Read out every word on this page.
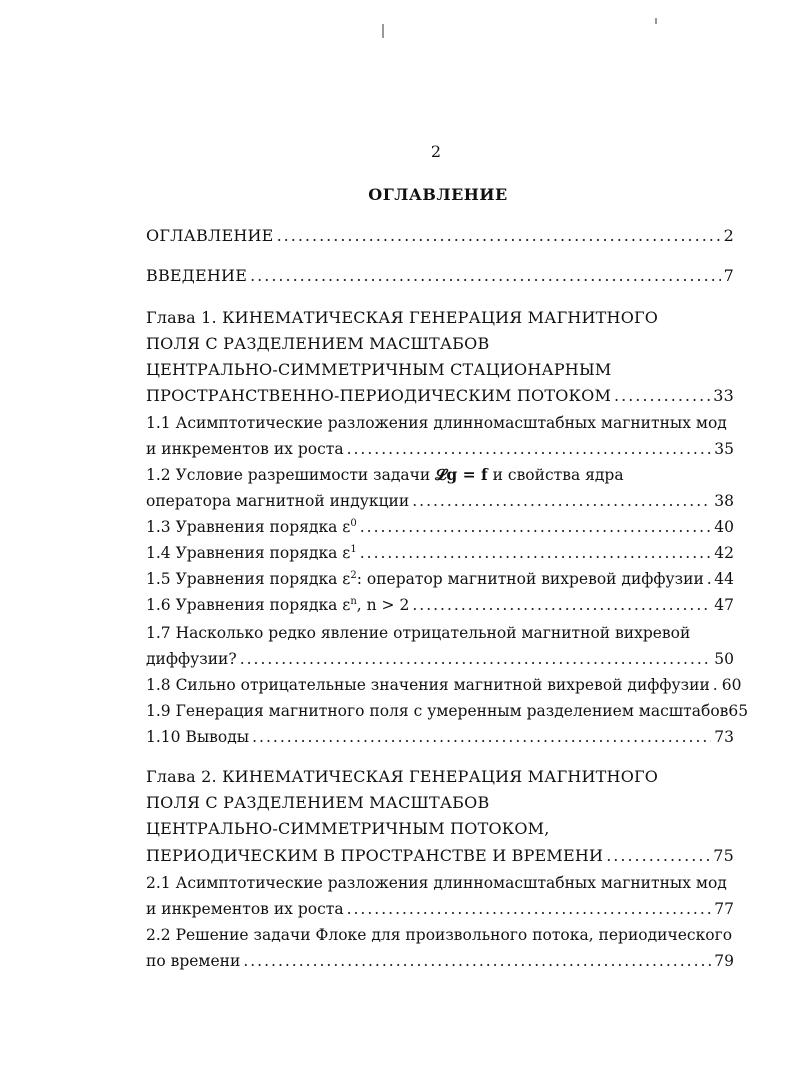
2
ОГЛАВЛЕНИЕ
ОГЛАВЛЕНИЕ .....	2
ВВЕДЕНИЕ .....	7
Глава 1. КИНЕМАТИЧЕСКАЯ ГЕНЕРАЦИЯ МАГНИТНОГО
ПОЛЯ С РАЗДЕЛЕНИЕМ МАСШТАБОВ
ЦЕНТРАЛЬНО-СИММЕТРИЧНЫМ СТАЦИОНАРНЫМ
ПРОСТРАНСТВЕННО-ПЕРИОДИЧЕСКИМ ПОТОКОМ .....	33
1.1 Асимптотические разложения длинномасштабных магнитных мод
и инкрементов их роста .....	35
1.2 Условие разрешимости задачи 𝓛g = f и свойства ядра
оператора магнитной индукции .....	38
1.3 Уравнения порядка $\varepsilon^0$ .....	40
1.4 Уравнения порядка $\varepsilon^1$ .....	42
1.5 Уравнения порядка $\varepsilon^2$: оператор магнитной вихревой диффузии ..... 44
1.6 Уравнения порядка $\varepsilon^n$, n > 2 .....	47
1.7 Насколько редко явление отрицательной магнитной вихревой
диффузии? .....	50
1.8 Сильно отрицательные значения магнитной вихревой диффузии ..... 60
1.9 Генерация магнитного поля с умеренным разделением масштабов 65
1.10 Выводы .....	73
Глава 2. КИНЕМАТИЧЕСКАЯ ГЕНЕРАЦИЯ МАГНИТНОГО
ПОЛЯ С РАЗДЕЛЕНИЕМ МАСШТАБОВ
ЦЕНТРАЛЬНО-СИММЕТРИЧНЫМ ПОТОКОМ,
ПЕРИОДИЧЕСКИМ В ПРОСТРАНСТВЕ И ВРЕМЕНИ .....	75
2.1 Асимптотические разложения длинномасштабных магнитных мод
и инкрементов их роста .....	77
2.2 Решение задачи Флоке для произвольного потока, периодического
по времени .....	79
